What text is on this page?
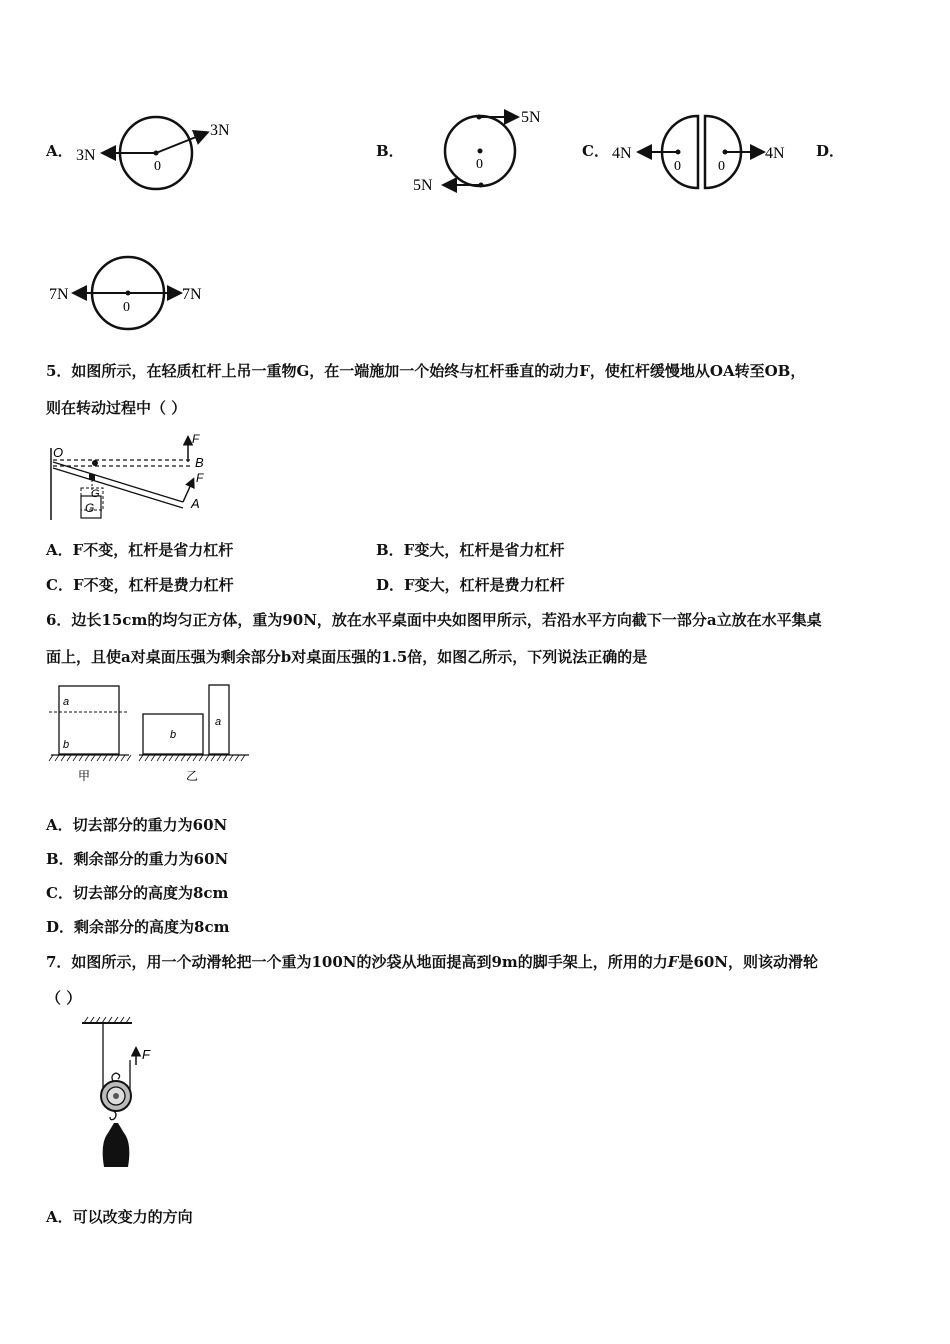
A． 3N
3N
0
B．
5N
5N
0
C． 4N	4N
0	0
D．
7N	7N
0
5．如图所示，在轻质杠杆上吊一重物G，在一端施加一个始终与杠杆垂直的动力F，使杠杆缓慢地从OA转至OB，
则在转动过程中（ ）
O
B
A
F
F
G
G
A．F不变，杠杆是省力杠杆	B．F变大，杠杆是省力杠杆
C．F不变，杠杆是费力杠杆	D．F变大，杠杆是费力杠杆
6．边长15cm的均匀正方体，重为90N，放在水平桌面中央如图甲所示，若沿水平方向截下一部分a立放在水平集桌
面上，且使a对桌面压强为剩余部分b对桌面压强的1.5倍，如图乙所示，下列说法正确的是
a
b
甲
b
a
乙
A．切去部分的重力为60N
B．剩余部分的重力为60N
C．切去部分的高度为8cm
D．剩余部分的高度为8cm
7．如图所示，用一个动滑轮把一个重为100N的沙袋从地面提高到9m的脚手架上，所用的力F是60N，则该动滑轮
（ ）
F
A．可以改变力的方向
